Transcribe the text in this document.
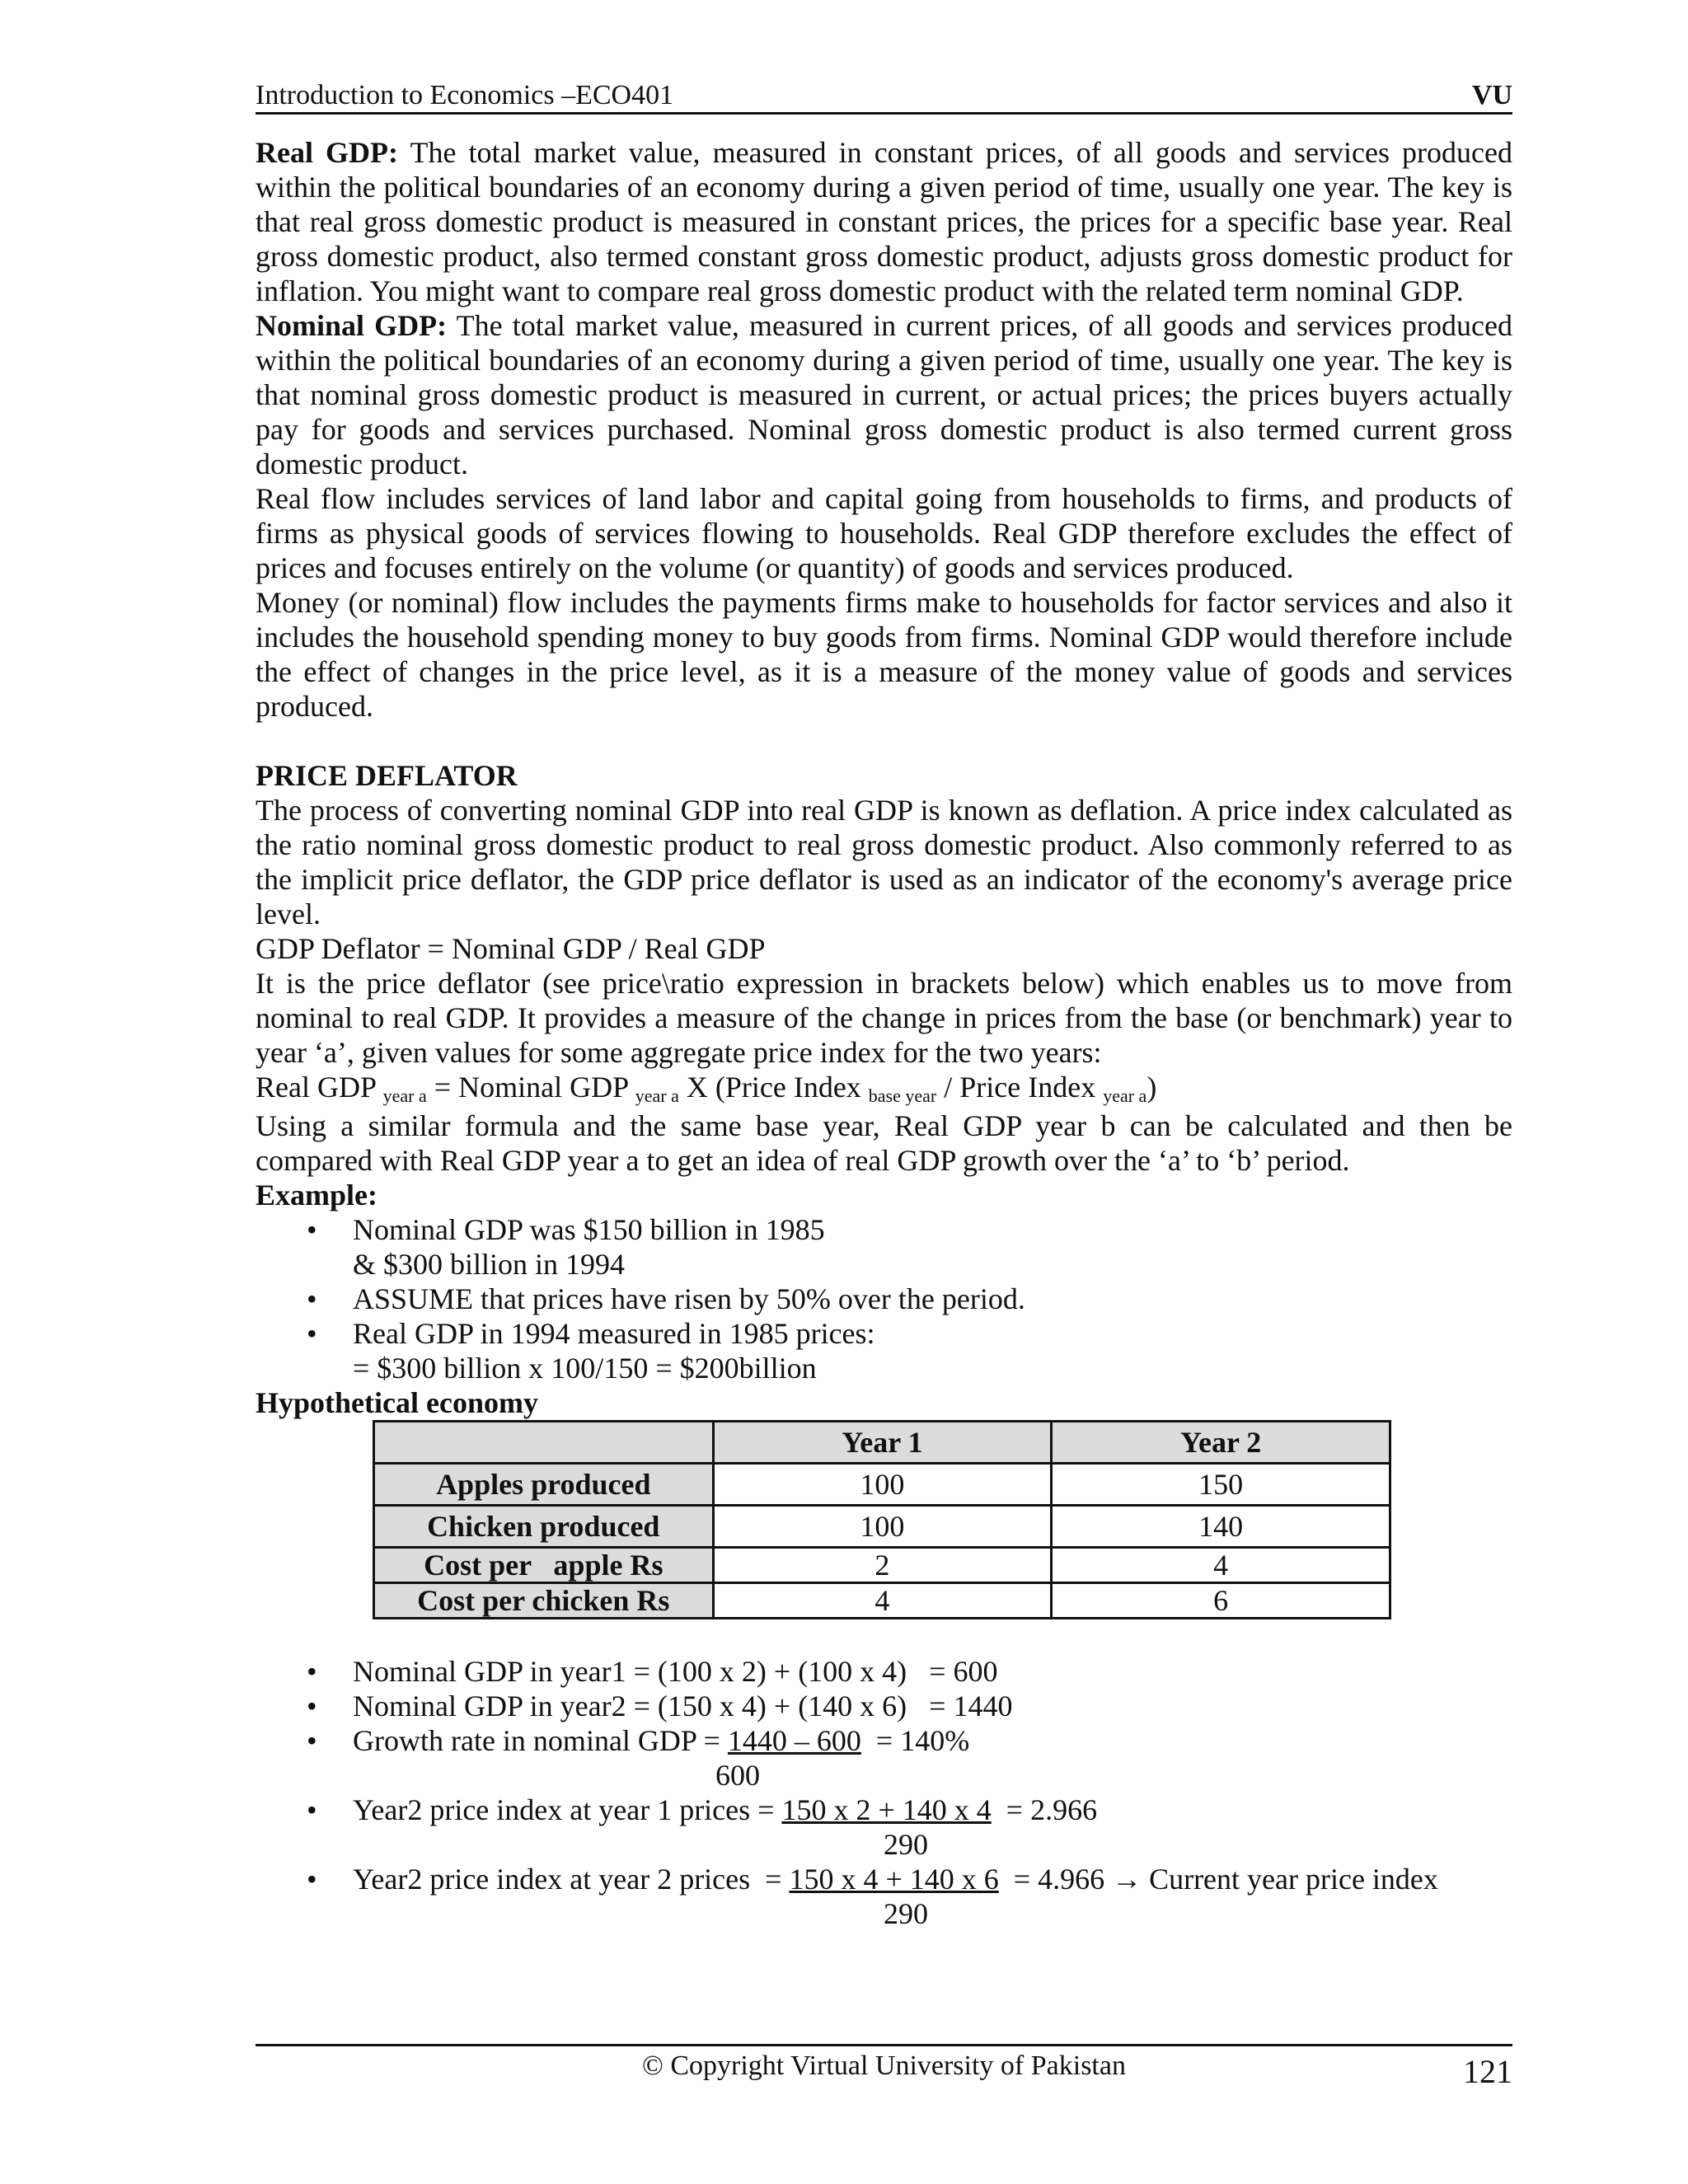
Introduction to Economics –ECO401	VU

Real GDP: The total market value, measured in constant prices, of all goods and services produced within the political boundaries of an economy during a given period of time, usually one year. The key is that real gross domestic product is measured in constant prices, the prices for a specific base year. Real gross domestic product, also termed constant gross domestic product, adjusts gross domestic product for inflation. You might want to compare real gross domestic product with the related term nominal GDP.

Nominal GDP: The total market value, measured in current prices, of all goods and services produced within the political boundaries of an economy during a given period of time, usually one year. The key is that nominal gross domestic product is measured in current, or actual prices; the prices buyers actually pay for goods and services purchased. Nominal gross domestic product is also termed current gross domestic product.

Real flow includes services of land labor and capital going from households to firms, and products of firms as physical goods of services flowing to households. Real GDP therefore excludes the effect of prices and focuses entirely on the volume (or quantity) of goods and services produced.

Money (or nominal) flow includes the payments firms make to households for factor services and also it includes the household spending money to buy goods from firms. Nominal GDP would therefore include the effect of changes in the price level, as it is a measure of the money value of goods and services produced.

PRICE DEFLATOR

The process of converting nominal GDP into real GDP is known as deflation. A price index calculated as the ratio nominal gross domestic product to real gross domestic product. Also commonly referred to as the implicit price deflator, the GDP price deflator is used as an indicator of the economy's average price level.

GDP Deflator = Nominal GDP / Real GDP

It is the price deflator (see price\ratio expression in brackets below) which enables us to move from nominal to real GDP. It provides a measure of the change in prices from the base (or benchmark) year to year ‘a’, given values for some aggregate price index for the two years:

Real GDP $_{year a}$ = Nominal GDP $_{year a}$ X (Price Index $_{base year}$ / Price Index $_{year a}$)

Using a similar formula and the same base year, Real GDP year b can be calculated and then be compared with Real GDP year a to get an idea of real GDP growth over the ‘a’ to ‘b’ period.

Example:

• Nominal GDP was $150 billion in 1985
& $300 billion in 1994
• ASSUME that prices have risen by 50% over the period.
• Real GDP in 1994 measured in 1985 prices:
= $300 billion x 100/150 = $200billion

Hypothetical economy

	Year 1	Year 2
Apples produced	100	150
Chicken produced	100	140
Cost per   apple Rs	2	4
Cost per chicken Rs	4	6
• Nominal GDP in year1 = (100 x 2) + (100 x 4)   = 600
• Nominal GDP in year2 = (150 x 4) + (140 x 6)   = 1440
• Growth rate in nominal GDP = 1440 – 600  = 140%
600
• Year2 price index at year 1 prices = 150 x 2 + 140 x 4  = 2.966
290
• Year2 price index at year 2 prices  = 150 x 4 + 140 x 6  = 4.966 → Current year price index
290
© Copyright Virtual University of Pakistan	121
